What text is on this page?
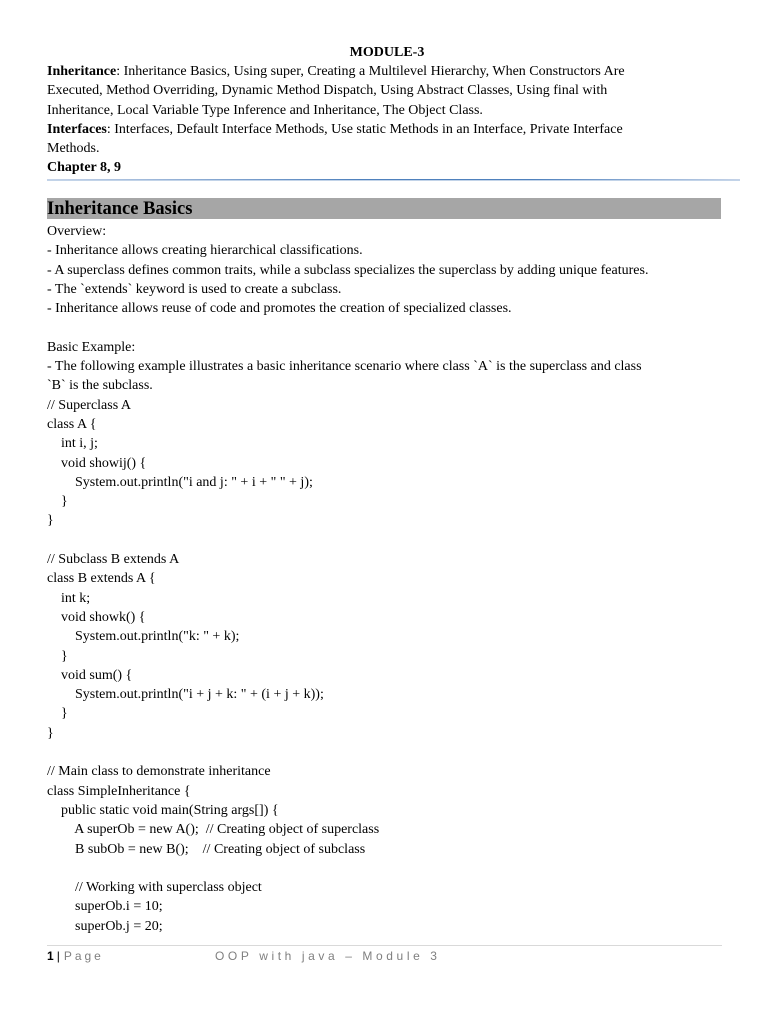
MODULE-3

Inheritance: Inheritance Basics, Using super, Creating a Multilevel Hierarchy, When Constructors Are

Executed, Method Overriding, Dynamic Method Dispatch, Using Abstract Classes, Using final with

Inheritance, Local Variable Type Inference and Inheritance, The Object Class.

Interfaces: Interfaces, Default Interface Methods, Use static Methods in an Interface, Private Interface

Methods.

Chapter 8, 9

Inheritance Basics

Overview:

- Inheritance allows creating hierarchical classifications.

- A superclass defines common traits, while a subclass specializes the superclass by adding unique features.

- The `extends` keyword is used to create a subclass.

- Inheritance allows reuse of code and promotes the creation of specialized classes.

Basic Example:

- The following example illustrates a basic inheritance scenario where class `A` is the superclass and class

`B` is the subclass.

// Superclass A

class A {

int i, j;

void showij() {

System.out.println("i and j: " + i + " " + j);

}

}

// Subclass B extends A

class B extends A {

int k;

void showk() {

System.out.println("k: " + k);

}

void sum() {

System.out.println("i + j + k: " + (i + j + k));

}

}

// Main class to demonstrate inheritance

class SimpleInheritance {

public static void main(String args[]) {

A superOb = new A();  // Creating object of superclass

B subOb = new B();    // Creating object of subclass

// Working with superclass object

superOb.i = 10;

superOb.j = 20;

1 | Page	OOP with java – Module 3
